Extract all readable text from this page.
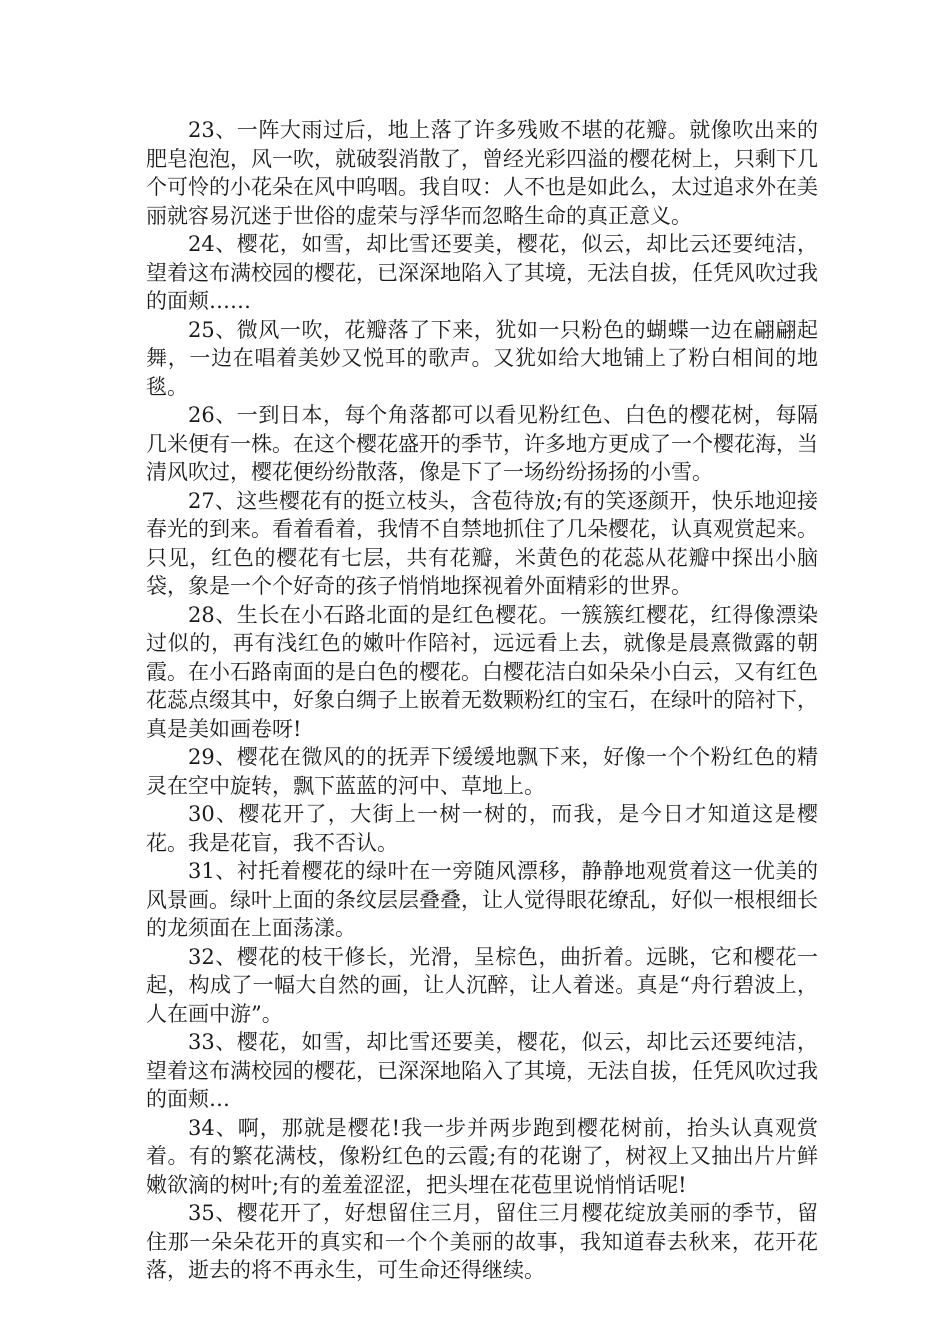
23、一阵大雨过后，地上落了许多残败不堪的花瓣。就像吹出来的肥皂泡泡，风一吹，就破裂消散了，曾经光彩四溢的樱花树上，只剩下几个可怜的小花朵在风中呜咽。我自叹：人不也是如此么，太过追求外在美丽就容易沉迷于世俗的虚荣与浮华而忽略生命的真正意义。

24、樱花，如雪，却比雪还要美，樱花，似云，却比云还要纯洁，望着这布满校园的樱花，已深深地陷入了其境，无法自拔，任凭风吹过我的面颊……

25、微风一吹，花瓣落了下来，犹如一只粉色的蝴蝶一边在翩翩起舞，一边在唱着美妙又悦耳的歌声。又犹如给大地铺上了粉白相间的地毯。

26、一到日本，每个角落都可以看见粉红色、白色的樱花树，每隔几米便有一株。在这个樱花盛开的季节，许多地方更成了一个樱花海，当清风吹过，樱花便纷纷散落，像是下了一场纷纷扬扬的小雪。

27、这些樱花有的挺立枝头，含苞待放;有的笑逐颜开，快乐地迎接春光的到来。看着看着，我情不自禁地抓住了几朵樱花，认真观赏起来。只见，红色的樱花有七层，共有花瓣，米黄色的花蕊从花瓣中探出小脑袋，象是一个个好奇的孩子悄悄地探视着外面精彩的世界。

28、生长在小石路北面的是红色樱花。一簇簇红樱花，红得像漂染过似的，再有浅红色的嫩叶作陪衬，远远看上去，就像是晨熹微露的朝霞。在小石路南面的是白色的樱花。白樱花洁白如朵朵小白云，又有红色花蕊点缀其中，好象白绸子上嵌着无数颗粉红的宝石，在绿叶的陪衬下，真是美如画卷呀!

29、樱花在微风的的抚弄下缓缓地飘下来，好像一个个粉红色的精灵在空中旋转，飘下蓝蓝的河中、草地上。

30、樱花开了，大街上一树一树的，而我，是今日才知道这是樱花。我是花盲，我不否认。

31、衬托着樱花的绿叶在一旁随风漂移，静静地观赏着这一优美的风景画。绿叶上面的条纹层层叠叠，让人觉得眼花缭乱，好似一根根细长的龙须面在上面荡漾。

32、樱花的枝干修长，光滑，呈棕色，曲折着。远眺，它和樱花一起，构成了一幅大自然的画，让人沉醉，让人着迷。真是“舟行碧波上，人在画中游”。

33、樱花，如雪，却比雪还要美，樱花，似云，却比云还要纯洁，望着这布满校园的樱花，已深深地陷入了其境，无法自拔，任凭风吹过我的面颊…

34、啊，那就是樱花!我一步并两步跑到樱花树前，抬头认真观赏着。有的繁花满枝，像粉红色的云霞;有的花谢了，树衩上又抽出片片鲜嫩欲滴的树叶;有的羞羞涩涩，把头埋在花苞里说悄悄话呢!

35、樱花开了，好想留住三月，留住三月樱花绽放美丽的季节，留住那一朵朵花开的真实和一个个美丽的故事，我知道春去秋来，花开花落，逝去的将不再永生，可生命还得继续。
